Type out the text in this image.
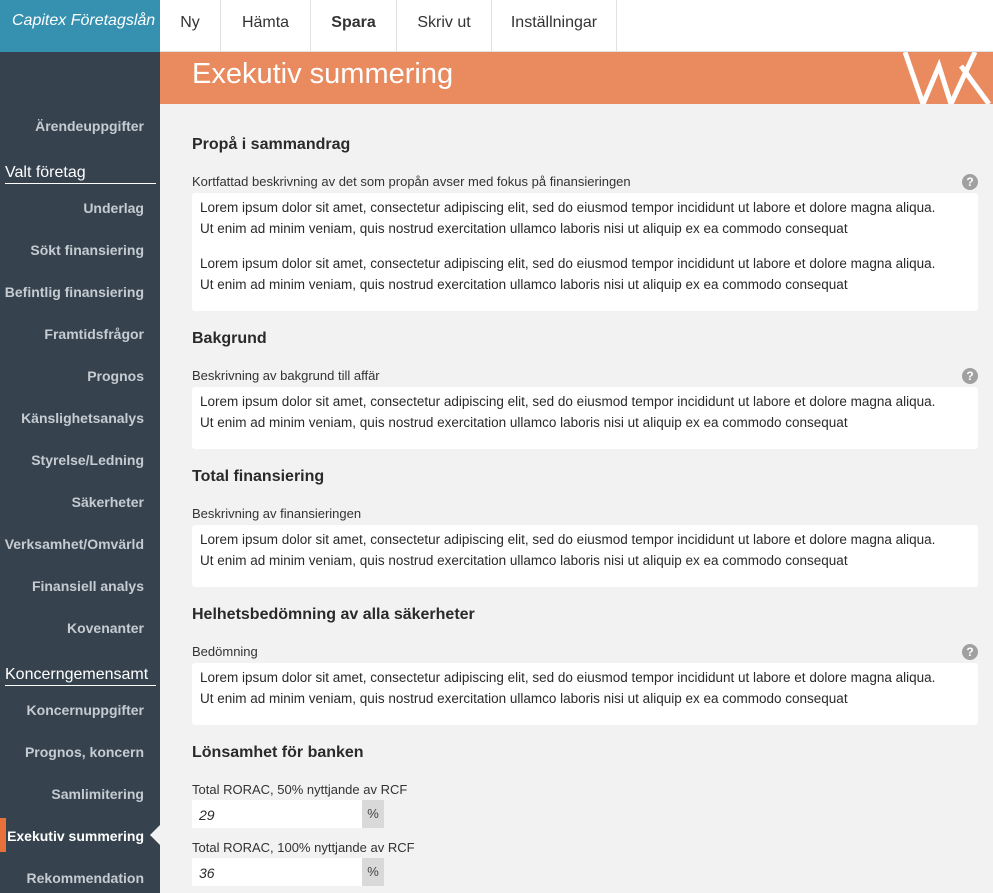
Capitex Företagslån	Ny	Hämta	Spara	Skriv ut	Inställningar
Ärendeuppgifter
Valt företag
Underlag
Sökt finansiering
Befintlig finansiering
Framtidsfrågor
Prognos
Känslighetsanalys
Styrelse/Ledning
Säkerheter
Verksamhet/Omvärld
Finansiell analys
Kovenanter
Koncerngemensamt
Koncernuppgifter
Prognos, koncern
Samlimitering
Exekutiv summering
Rekommendation
Exekutiv summering
Propå i sammandrag
Kortfattad beskrivning av det som propån avser med fokus på finansieringen	?

Lorem ipsum dolor sit amet, consectetur adipiscing elit, sed do eiusmod tempor incididunt ut labore et dolore magna aliqua.
Ut enim ad minim veniam, quis nostrud exercitation ullamco laboris nisi ut aliquip ex ea commodo consequat

Lorem ipsum dolor sit amet, consectetur adipiscing elit, sed do eiusmod tempor incididunt ut labore et dolore magna aliqua.
Ut enim ad minim veniam, quis nostrud exercitation ullamco laboris nisi ut aliquip ex ea commodo consequat

Bakgrund
Beskrivning av bakgrund till affär	?

Lorem ipsum dolor sit amet, consectetur adipiscing elit, sed do eiusmod tempor incididunt ut labore et dolore magna aliqua.
Ut enim ad minim veniam, quis nostrud exercitation ullamco laboris nisi ut aliquip ex ea commodo consequat

Total finansiering
Beskrivning av finansieringen

Lorem ipsum dolor sit amet, consectetur adipiscing elit, sed do eiusmod tempor incididunt ut labore et dolore magna aliqua.
Ut enim ad minim veniam, quis nostrud exercitation ullamco laboris nisi ut aliquip ex ea commodo consequat

Helhetsbedömning av alla säkerheter
Bedömning	?

Lorem ipsum dolor sit amet, consectetur adipiscing elit, sed do eiusmod tempor incididunt ut labore et dolore magna aliqua.
Ut enim ad minim veniam, quis nostrud exercitation ullamco laboris nisi ut aliquip ex ea commodo consequat

Lönsamhet för banken
Total RORAC, 50% nyttjande av RCF
29	%
Total RORAC, 100% nyttjande av RCF
36	%
